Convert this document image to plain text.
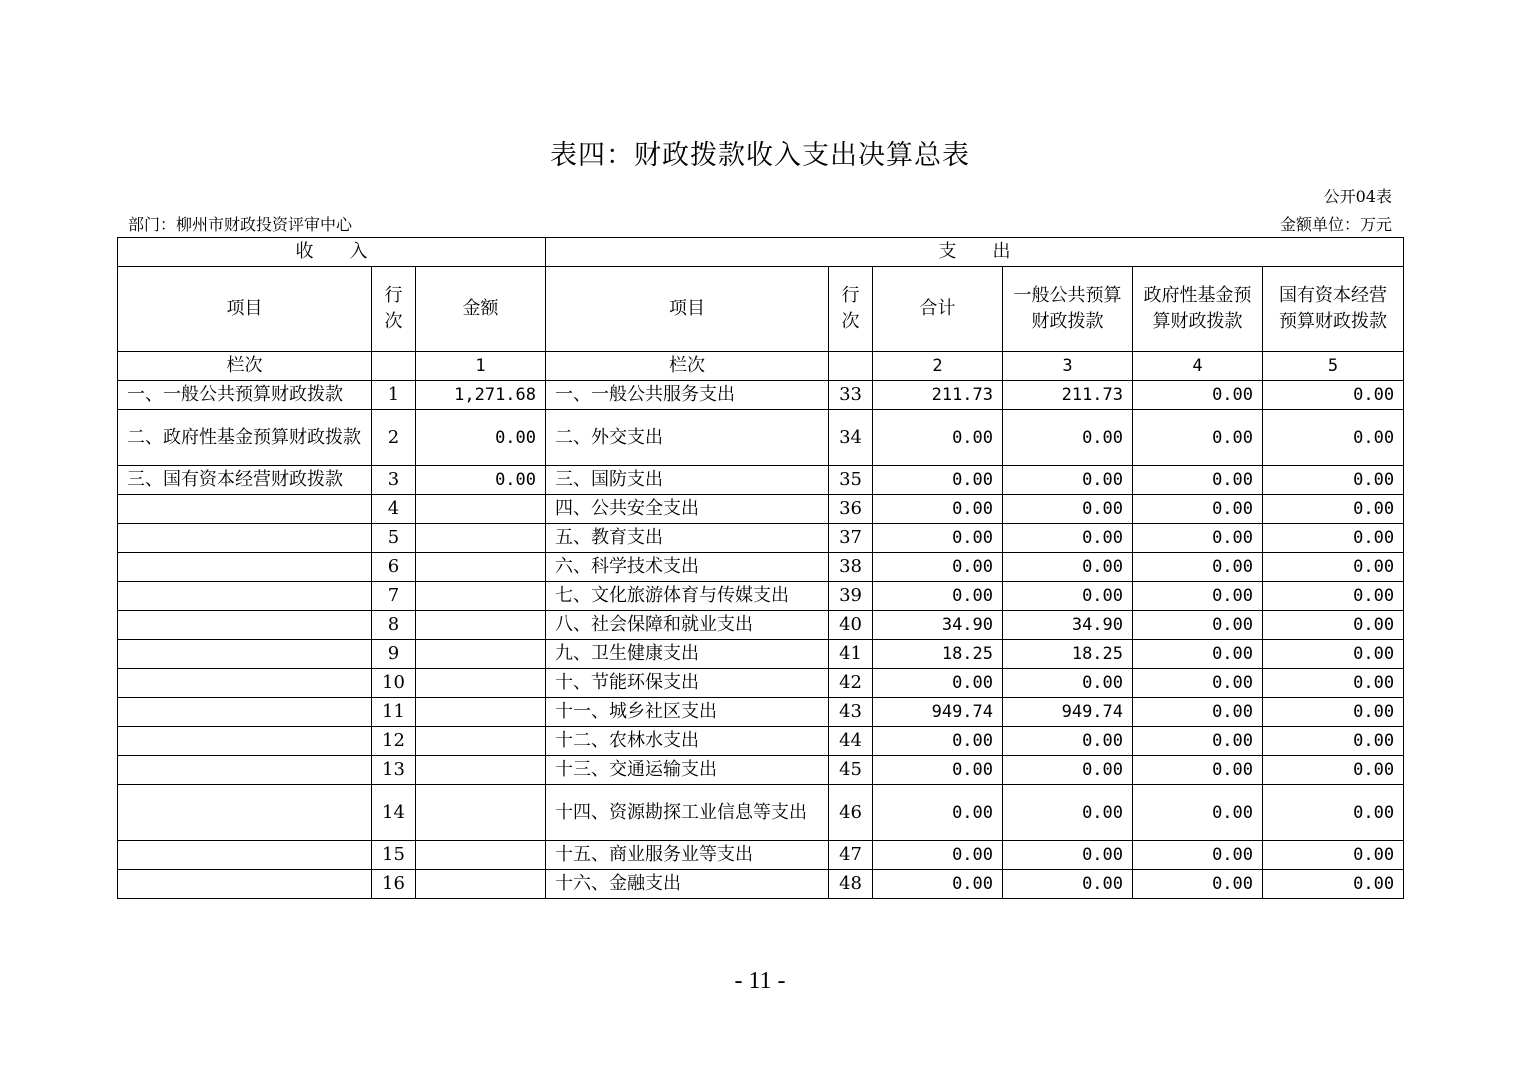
表四：财政拨款收入支出决算总表
公开04表
部门：柳州市财政投资评审中心	金额单位：万元
收　　入			支　　出					
项目	行次	金额	项目	行次	合计	一般公共预算财政拨款	政府性基金预算财政拨款	国有资本经营预算财政拨款
栏次		1	栏次		2	3	4	5
一、一般公共预算财政拨款	1	1,271.68	一、一般公共服务支出	33	211.73	211.73	0.00	0.00
二、政府性基金预算财政拨款	2	0.00	二、外交支出	34	0.00	0.00	0.00	0.00
三、国有资本经营财政拨款	3	0.00	三、国防支出	35	0.00	0.00	0.00	0.00
	4		四、公共安全支出	36	0.00	0.00	0.00	0.00
	5		五、教育支出	37	0.00	0.00	0.00	0.00
	6		六、科学技术支出	38	0.00	0.00	0.00	0.00
	7		七、文化旅游体育与传媒支出	39	0.00	0.00	0.00	0.00
	8		八、社会保障和就业支出	40	34.90	34.90	0.00	0.00
	9		九、卫生健康支出	41	18.25	18.25	0.00	0.00
	10		十、节能环保支出	42	0.00	0.00	0.00	0.00
	11		十一、城乡社区支出	43	949.74	949.74	0.00	0.00
	12		十二、农林水支出	44	0.00	0.00	0.00	0.00
	13		十三、交通运输支出	45	0.00	0.00	0.00	0.00
	14		十四、资源勘探工业信息等支出	46	0.00	0.00	0.00	0.00
	15		十五、商业服务业等支出	47	0.00	0.00	0.00	0.00
	16		十六、金融支出	48	0.00	0.00	0.00	0.00
- 11 -
